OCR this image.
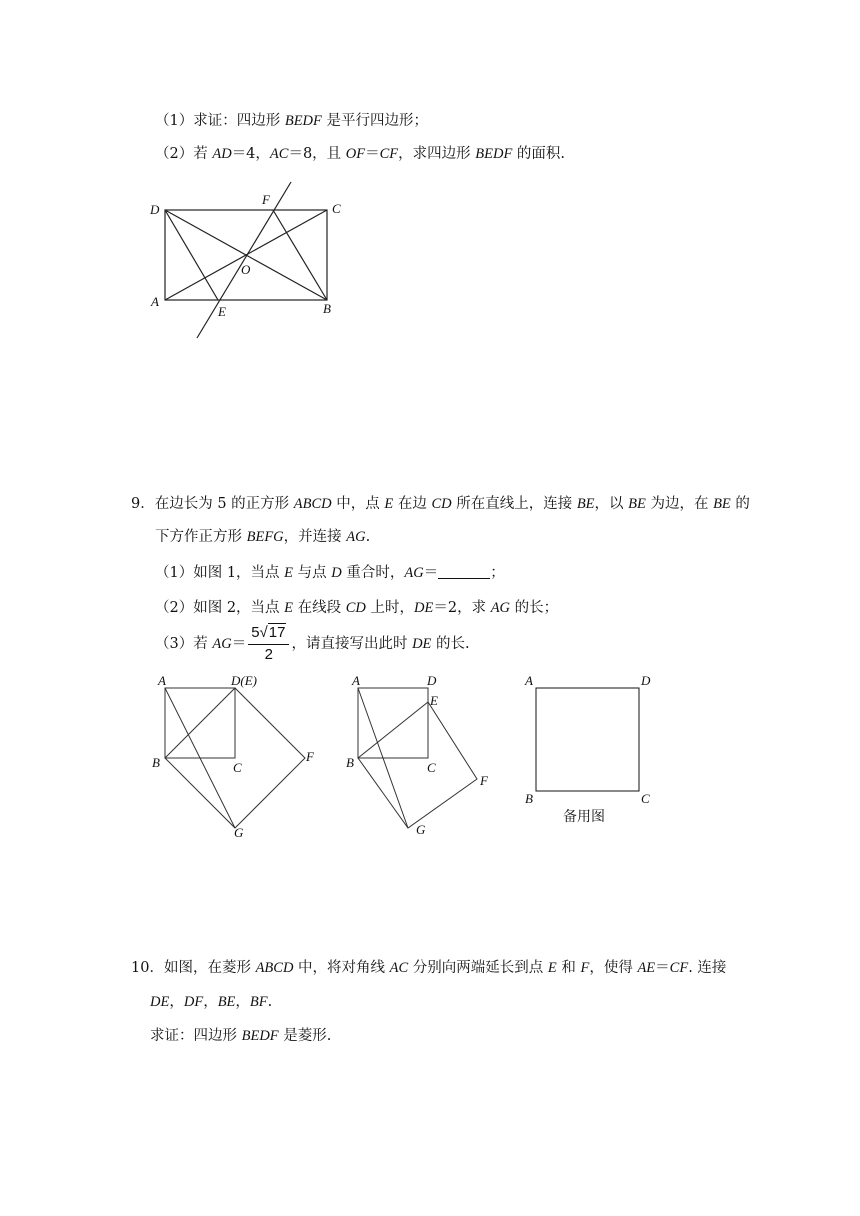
（1）求证：四边形 BEDF 是平行四边形；
（2）若 AD＝4，AC＝8，且 OF＝CF，求四边形 BEDF 的面积.
D	C
A	B
F
E
O
9．在边长为 5 的正方形 ABCD 中，点 E 在边 CD 所在直线上，连接 BE，以 BE 为边，在 BE 的
下方作正方形 BEFG，并连接 AG.
（1）如图 1，当点 E 与点 D 重合时，AG＝	；
（2）如图 2，当点 E 在线段 CD 上时，DE＝2，求 AG 的长；
（3）若 $AG= \frac{5√17}{2}$ ，请直接写出此时 DE 的长.
A	D(E)
B	C
F
G
A	D
E
B	C
F
G
A	D
B	C
备用图
10．如图，在菱形 ABCD 中，将对角线 AC 分别向两端延长到点 E 和 F，使得 AE＝CF. 连接
DE，DF，BE，BF.
求证：四边形 BEDF 是菱形.
